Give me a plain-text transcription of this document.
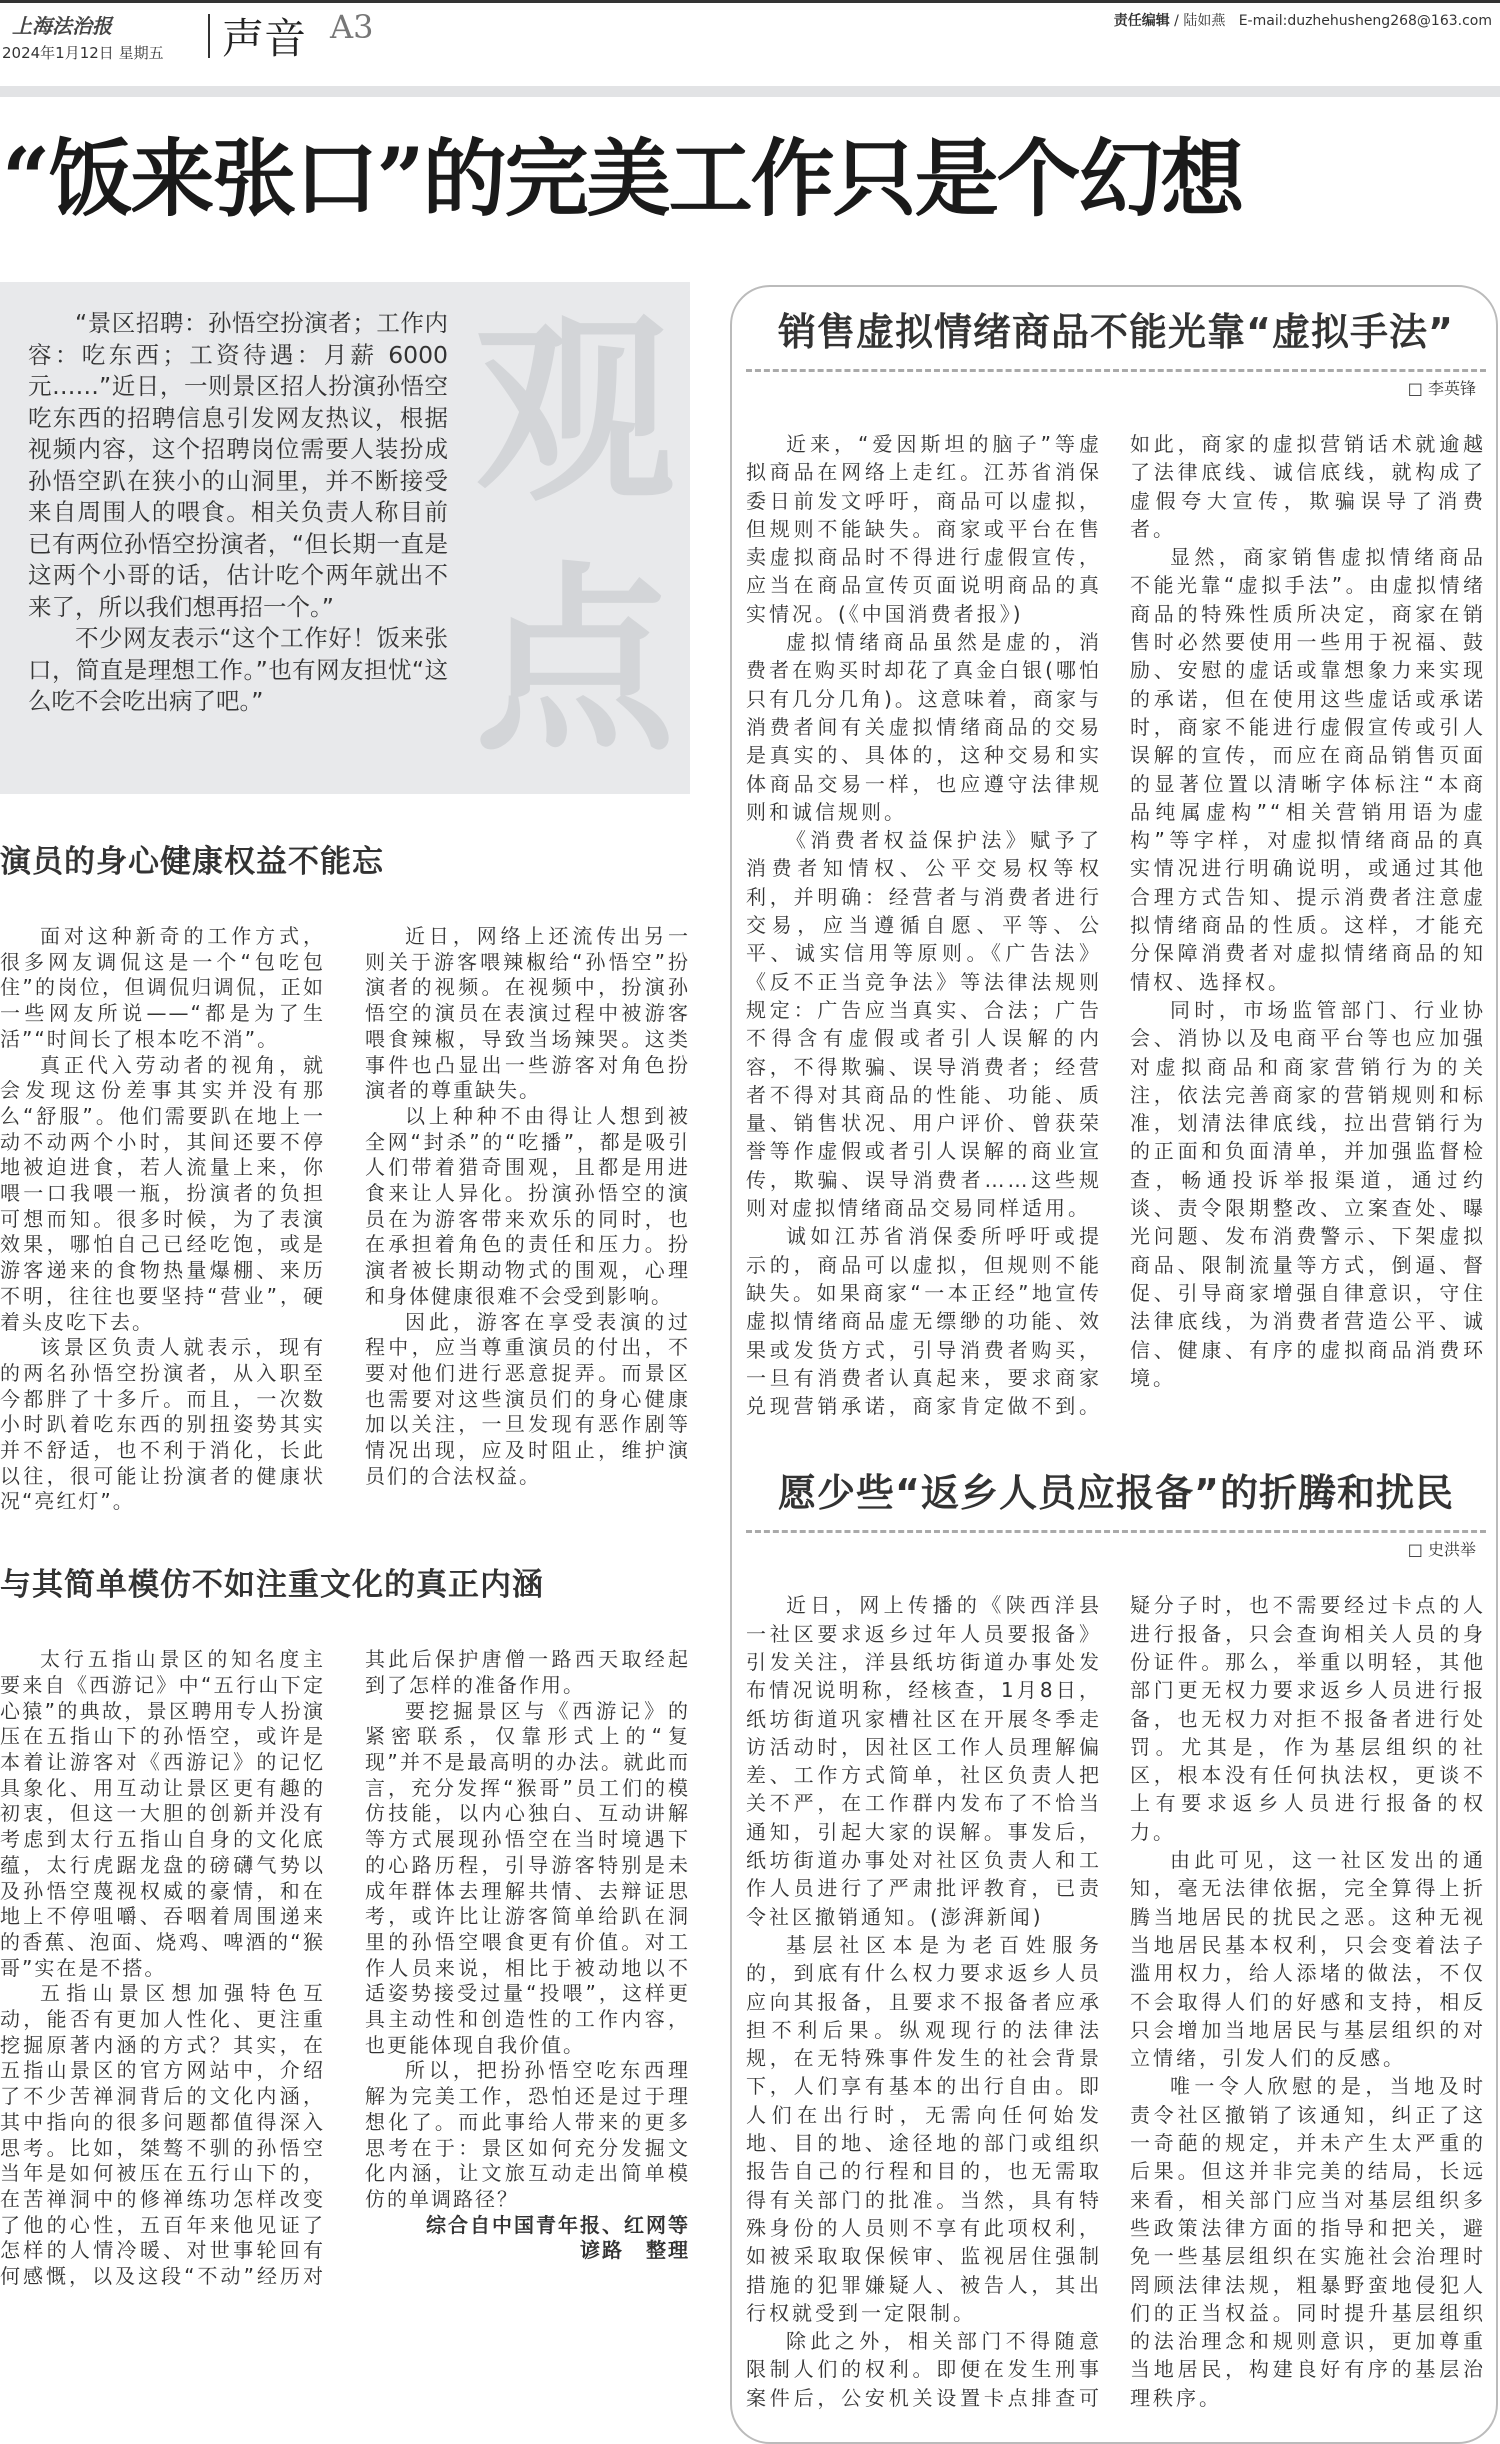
上海法治报
2024年1月12日 星期五 声音 A3	责任编辑 / 陆如燕 E-mail:duzhehusheng268@163.com
“饭来张口”的完美工作只是个幻想
观
点

“景区招聘：孙悟空扮演者；工作内容：吃东西；工资待遇：月薪 6000 元……”近日，一则景区招人扮演孙悟空吃东西的招聘信息引发网友热议，根据视频内容，这个招聘岗位需要人装扮成孙悟空趴在狭小的山洞里，并不断接受来自周围人的喂食。相关负责人称目前已有两位孙悟空扮演者，“但长期一直是这两个小哥的话，估计吃个两年就出不来了，所以我们想再招一个。”

不少网友表示“这个工作好！饭来张口，简直是理想工作。”也有网友担忧“这么吃不会吃出病了吧。”

演员的身心健康权益不能忘

面对这种新奇的工作方式，很多网友调侃这是一个“包吃包住”的岗位，但调侃归调侃，正如一些网友所说——“都是为了生活”“时间长了根本吃不消”。

真正代入劳动者的视角，就会发现这份差事其实并没有那么“舒服”。他们需要趴在地上一动不动两个小时，其间还要不停地被迫进食，若人流量上来，你喂一口我喂一瓶，扮演者的负担可想而知。很多时候，为了表演效果，哪怕自己已经吃饱，或是游客递来的食物热量爆棚、来历不明，往往也要坚持“营业”，硬着头皮吃下去。

该景区负责人就表示，现有的两名孙悟空扮演者，从入职至今都胖了十多斤。而且，一次数小时趴着吃东西的别扭姿势其实并不舒适，也不利于消化，长此以往，很可能让扮演者的健康状况“亮红灯”。

近日，网络上还流传出另一则关于游客喂辣椒给“孙悟空”扮演者的视频。在视频中，扮演孙悟空的演员在表演过程中被游客喂食辣椒，导致当场辣哭。这类事件也凸显出一些游客对角色扮演者的尊重缺失。

以上种种不由得让人想到被全网“封杀”的“吃播”，都是吸引人们带着猎奇围观，且都是用进食来让人异化。扮演孙悟空的演员在为游客带来欢乐的同时，也在承担着角色的责任和压力。扮演者被长期动物式的围观，心理和身体健康很难不会受到影响。

因此，游客在享受表演的过程中，应当尊重演员的付出，不要对他们进行恶意捉弄。而景区也需要对这些演员们的身心健康加以关注，一旦发现有恶作剧等情况出现，应及时阻止，维护演员们的合法权益。

与其简单模仿不如注重文化的真正内涵

太行五指山景区的知名度主要来自《西游记》中“五行山下定心猿”的典故，景区聘用专人扮演压在五指山下的孙悟空，或许是本着让游客对《西游记》的记忆具象化、用互动让景区更有趣的初衷，但这一大胆的创新并没有考虑到太行五指山自身的文化底蕴，太行虎踞龙盘的磅礴气势以及孙悟空蔑视权威的豪情，和在地上不停咀嚼、吞咽着周围递来的香蕉、泡面、烧鸡、啤酒的“猴哥”实在是不搭。

五指山景区想加强特色互动，能否有更加人性化、更注重挖掘原著内涵的方式？其实，在五指山景区的官方网站中，介绍了不少苦禅洞背后的文化内涵，其中指向的很多问题都值得深入思考。比如，桀骜不驯的孙悟空当年是如何被压在五行山下的，在苦禅洞中的修禅练功怎样改变了他的心性，五百年来他见证了怎样的人情冷暖、对世事轮回有何感慨，以及这段“不动”经历对其此后保护唐僧一路西天取经起到了怎样的准备作用。

要挖掘景区与《西游记》的紧密联系，仅靠形式上的“复现”并不是最高明的办法。就此而言，充分发挥“猴哥”员工们的模仿技能，以内心独白、互动讲解等方式展现孙悟空在当时境遇下的心路历程，引导游客特别是未成年群体去理解共情、去辩证思考，或许比让游客简单给趴在洞里的孙悟空喂食更有价值。对工作人员来说，相比于被动地以不适姿势接受过量“投喂”，这样更具主动性和创造性的工作内容，也更能体现自我价值。

所以，把扮孙悟空吃东西理解为完美工作，恐怕还是过于理想化了。而此事给人带来的更多思考在于：景区如何充分发掘文化内涵，让文旅互动走出简单模仿的单调路径？

综合自中国青年报、红网等

谚路　整理

销售虚拟情绪商品不能光靠“虚拟手法”
□ 李英锋

近来，“爱因斯坦的脑子”等虚拟商品在网络上走红。江苏省消保委日前发文呼吁，商品可以虚拟，但规则不能缺失。商家或平台在售卖虚拟商品时不得进行虚假宣传，应当在商品宣传页面说明商品的真实情况。(《中国消费者报》)

虚拟情绪商品虽然是虚的，消费者在购买时却花了真金白银(哪怕只有几分几角)。这意味着，商家与消费者间有关虚拟情绪商品的交易是真实的、具体的，这种交易和实体商品交易一样，也应遵守法律规则和诚信规则。

《消费者权益保护法》赋予了消费者知情权、公平交易权等权利，并明确：经营者与消费者进行交易，应当遵循自愿、平等、公平、诚实信用等原则。《广告法》《反不正当竞争法》等法律法规则规定：广告应当真实、合法；广告不得含有虚假或者引人误解的内容，不得欺骗、误导消费者；经营者不得对其商品的性能、功能、质量、销售状况、用户评价、曾获荣誉等作虚假或者引人误解的商业宣传，欺骗、误导消费者……这些规则对虚拟情绪商品交易同样适用。

诚如江苏省消保委所呼吁或提示的，商品可以虚拟，但规则不能缺失。如果商家“一本正经”地宣传虚拟情绪商品虚无缥缈的功能、效果或发货方式，引导消费者购买，一旦有消费者认真起来，要求商家兑现营销承诺，商家肯定做不到。如此，商家的虚拟营销话术就逾越了法律底线、诚信底线，就构成了虚假夸大宣传，欺骗误导了消费者。

显然，商家销售虚拟情绪商品不能光靠“虚拟手法”。由虚拟情绪商品的特殊性质所决定，商家在销售时必然要使用一些用于祝福、鼓励、安慰的虚话或靠想象力来实现的承诺，但在使用这些虚话或承诺时，商家不能进行虚假宣传或引人误解的宣传，而应在商品销售页面的显著位置以清晰字体标注“本商品纯属虚构”“相关营销用语为虚构”等字样，对虚拟情绪商品的真实情况进行明确说明，或通过其他合理方式告知、提示消费者注意虚拟情绪商品的性质。这样，才能充分保障消费者对虚拟情绪商品的知情权、选择权。

同时，市场监管部门、行业协会、消协以及电商平台等也应加强对虚拟商品和商家营销行为的关注，依法完善商家的营销规则和标准，划清法律底线，拉出营销行为的正面和负面清单，并加强监督检查，畅通投诉举报渠道，通过约谈、责令限期整改、立案查处、曝光问题、发布消费警示、下架虚拟商品、限制流量等方式，倒逼、督促、引导商家增强自律意识，守住法律底线，为消费者营造公平、诚信、健康、有序的虚拟商品消费环境。

愿少些“返乡人员应报备”的折腾和扰民
□ 史洪举

近日，网上传播的《陕西洋县一社区要求返乡过年人员要报备》引发关注，洋县纸坊街道办事处发布情况说明称，经核查，1月8日，纸坊街道巩家槽社区在开展冬季走访活动时，因社区工作人员理解偏差、工作方式简单，社区负责人把关不严，在工作群内发布了不恰当通知，引起大家的误解。事发后，纸坊街道办事处对社区负责人和工作人员进行了严肃批评教育，已责令社区撤销通知。(澎湃新闻)

基层社区本是为老百姓服务的，到底有什么权力要求返乡人员应向其报备，且要求不报备者应承担不利后果。纵观现行的法律法规，在无特殊事件发生的社会背景下，人们享有基本的出行自由。即人们在出行时，无需向任何始发地、目的地、途径地的部门或组织报告自己的行程和目的，也无需取得有关部门的批准。当然，具有特殊身份的人员则不享有此项权利，如被采取取保候审、监视居住强制措施的犯罪嫌疑人、被告人，其出行权就受到一定限制。

除此之外，相关部门不得随意限制人们的权利。即便在发生刑事案件后，公安机关设置卡点排查可疑分子时，也不需要经过卡点的人进行报备，只会查询相关人员的身份证件。那么，举重以明轻，其他部门更无权力要求返乡人员进行报备，也无权力对拒不报备者进行处罚。尤其是，作为基层组织的社区，根本没有任何执法权，更谈不上有要求返乡人员进行报备的权力。

由此可见，这一社区发出的通知，毫无法律依据，完全算得上折腾当地居民的扰民之恶。这种无视当地居民基本权利，只会变着法子滥用权力，给人添堵的做法，不仅不会取得人们的好感和支持，相反只会增加当地居民与基层组织的对立情绪，引发人们的反感。

唯一令人欣慰的是，当地及时责令社区撤销了该通知，纠正了这一奇葩的规定，并未产生太严重的后果。但这并非完美的结局，长远来看，相关部门应当对基层组织多些政策法律方面的指导和把关，避免一些基层组织在实施社会治理时罔顾法律法规，粗暴野蛮地侵犯人们的正当权益。同时提升基层组织的法治理念和规则意识，更加尊重当地居民，构建良好有序的基层治理秩序。
